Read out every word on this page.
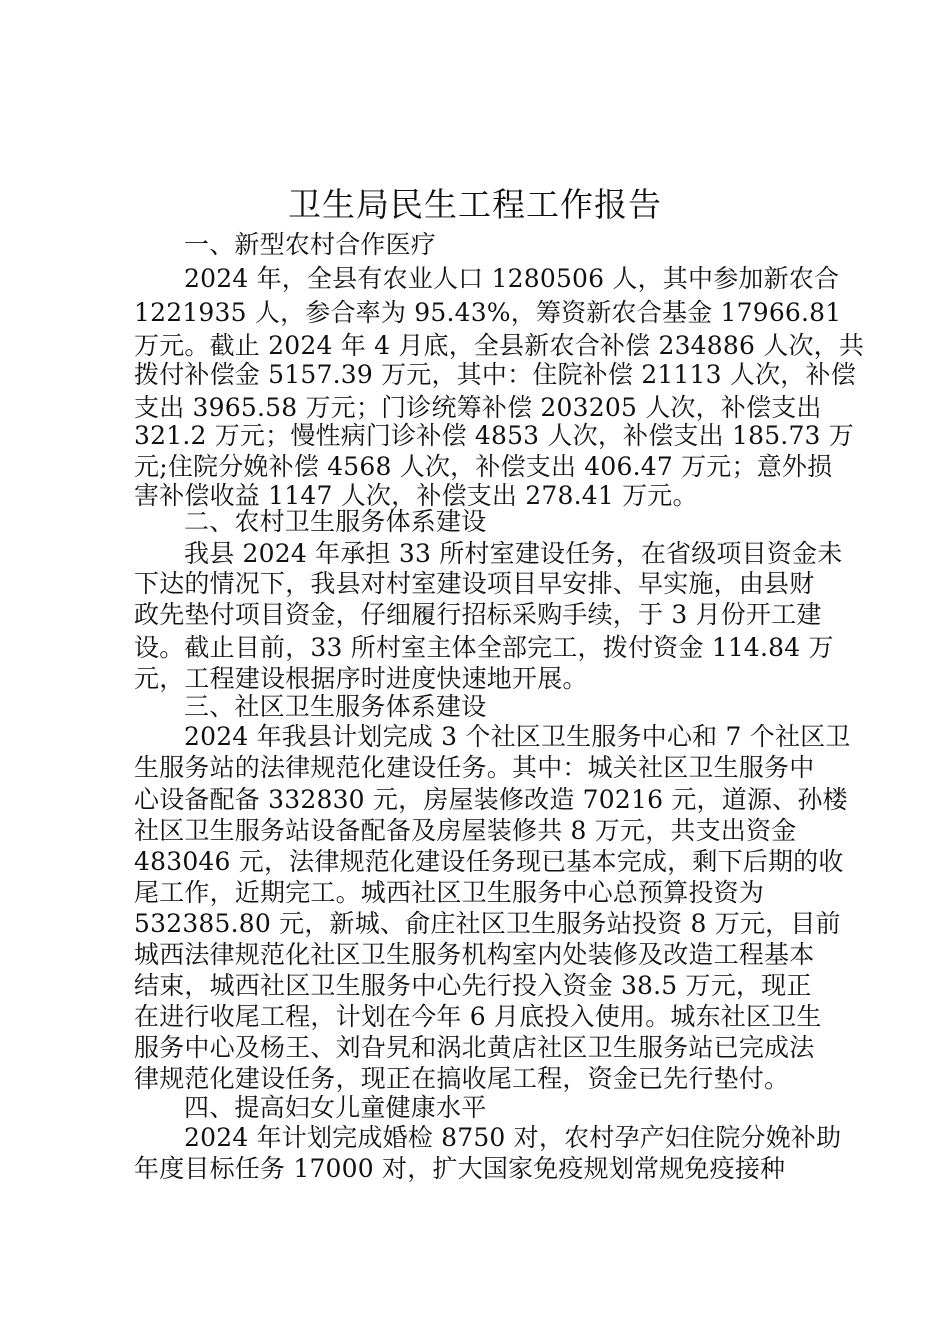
卫生局民生工程工作报告
一、新型农村合作医疗
2024 年，全县有农业人口 1280506 人，其中参加新农合
1221935 人，参合率为 95.43%，筹资新农合基金 17966.81
万元。截止 2024 年 4 月底，全县新农合补偿 234886 人次，共
拨付补偿金 5157.39 万元，其中：住院补偿 21113 人次，补偿
支出 3965.58 万元；门诊统筹补偿 203205 人次，补偿支出
321.2 万元；慢性病门诊补偿 4853 人次，补偿支出 185.73 万
元;住院分娩补偿 4568 人次，补偿支出 406.47 万元；意外损
害补偿收益 1147 人次，补偿支出 278.41 万元。
二、农村卫生服务体系建设
我县 2024 年承担 33 所村室建设任务，在省级项目资金未
下达的情况下，我县对村室建设项目早安排、早实施，由县财
政先垫付项目资金，仔细履行招标采购手续，于 3 月份开工建
设。截止目前，33 所村室主体全部完工，拨付资金 114.84 万
元，工程建设根据序时进度快速地开展。
三、社区卫生服务体系建设
2024 年我县计划完成 3 个社区卫生服务中心和 7 个社区卫
生服务站的法律规范化建设任务。其中：城关社区卫生服务中
心设备配备 332830 元，房屋装修改造 70216 元，道源、孙楼
社区卫生服务站设备配备及房屋装修共 8 万元，共支出资金
483046 元，法律规范化建设任务现已基本完成，剩下后期的收
尾工作，近期完工。城西社区卫生服务中心总预算投资为
532385.80 元，新城、俞庄社区卫生服务站投资 8 万元，目前
城西法律规范化社区卫生服务机构室内处装修及改造工程基本
结束，城西社区卫生服务中心先行投入资金 38.5 万元，现正
在进行收尾工程，计划在今年 6 月底投入使用。城东社区卫生
服务中心及杨王、刘旮旯和涡北黄店社区卫生服务站已完成法
律规范化建设任务，现正在搞收尾工程，资金已先行垫付。
四、提高妇女儿童健康水平
2024 年计划完成婚检 8750 对，农村孕产妇住院分娩补助
年度目标任务 17000 对，扩大国家免疫规划常规免疫接种
